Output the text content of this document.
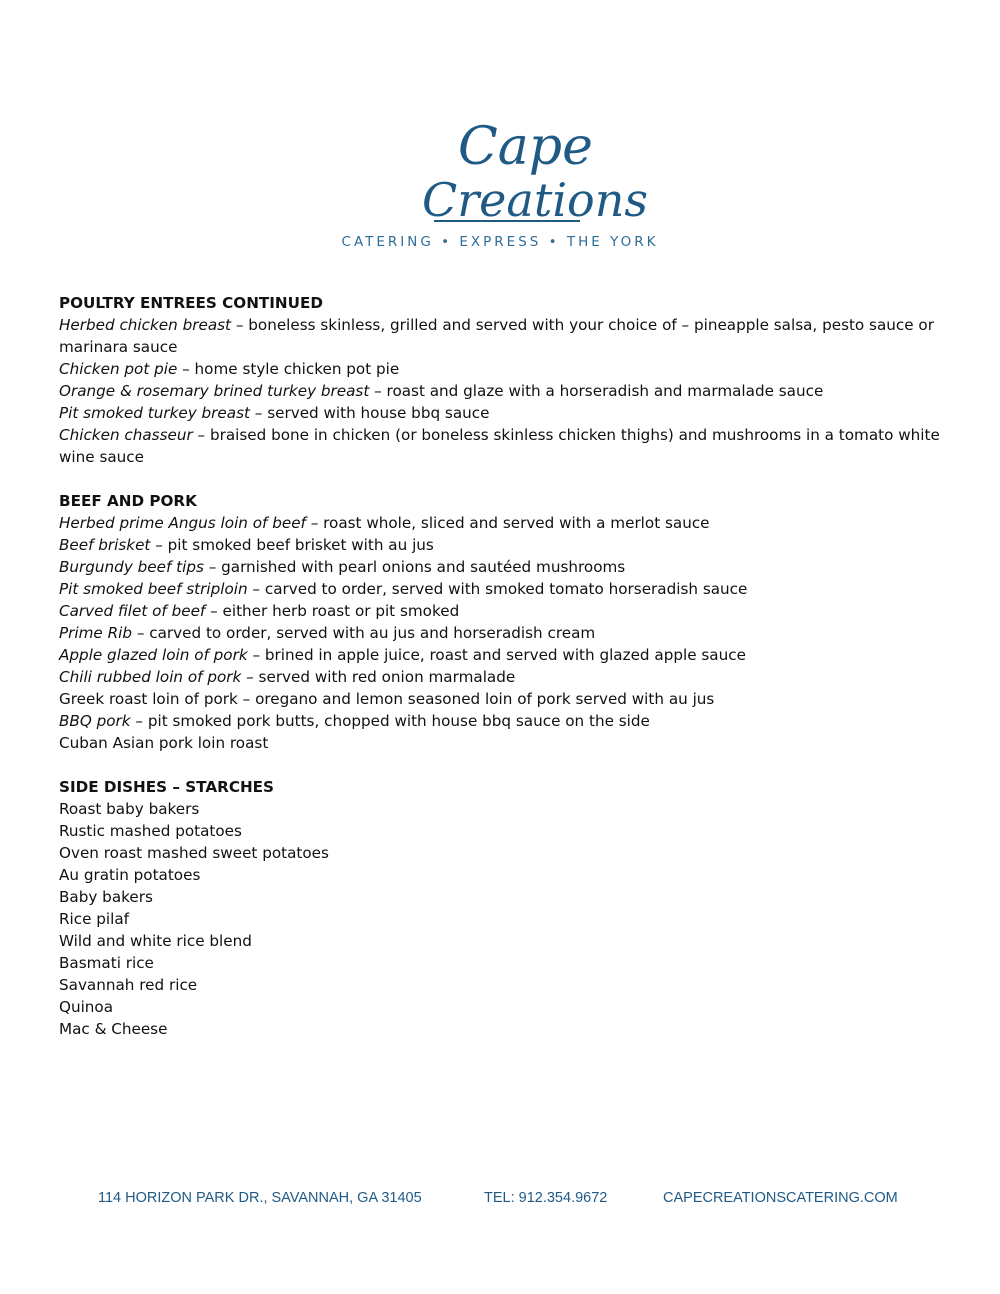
Cape
Creations
CATERING • EXPRESS • THE YORK
POULTRY ENTREES CONTINUED

Herbed chicken breast – boneless skinless, grilled and served with your choice of – pineapple salsa, pesto sauce or marinara sauce

Chicken pot pie – home style chicken pot pie

Orange & rosemary brined turkey breast – roast and glaze with a horseradish and marmalade sauce

Pit smoked turkey breast – served with house bbq sauce

Chicken chasseur – braised bone in chicken (or boneless skinless chicken thighs) and mushrooms in a tomato white wine sauce

BEEF AND PORK

Herbed prime Angus loin of beef – roast whole, sliced and served with a merlot sauce

Beef brisket – pit smoked beef brisket with au jus

Burgundy beef tips – garnished with pearl onions and sautéed mushrooms

Pit smoked beef striploin – carved to order, served with smoked tomato horseradish sauce

Carved filet of beef – either herb roast or pit smoked

Prime Rib – carved to order, served with au jus and horseradish cream

Apple glazed loin of pork – brined in apple juice, roast and served with glazed apple sauce

Chili rubbed loin of pork – served with red onion marmalade

Greek roast loin of pork – oregano and lemon seasoned loin of pork served with au jus

BBQ pork – pit smoked pork butts, chopped with house bbq sauce on the side

Cuban Asian pork loin roast

SIDE DISHES – STARCHES

Roast baby bakers

Rustic mashed potatoes

Oven roast mashed sweet potatoes

Au gratin potatoes

Baby bakers

Rice pilaf

Wild and white rice blend

Basmati rice

Savannah red rice

Quinoa

Mac & Cheese

114 HORIZON PARK DR., SAVANNAH, GA 31405	TEL: 912.354.9672	CAPECREATIONSCATERING.COM
